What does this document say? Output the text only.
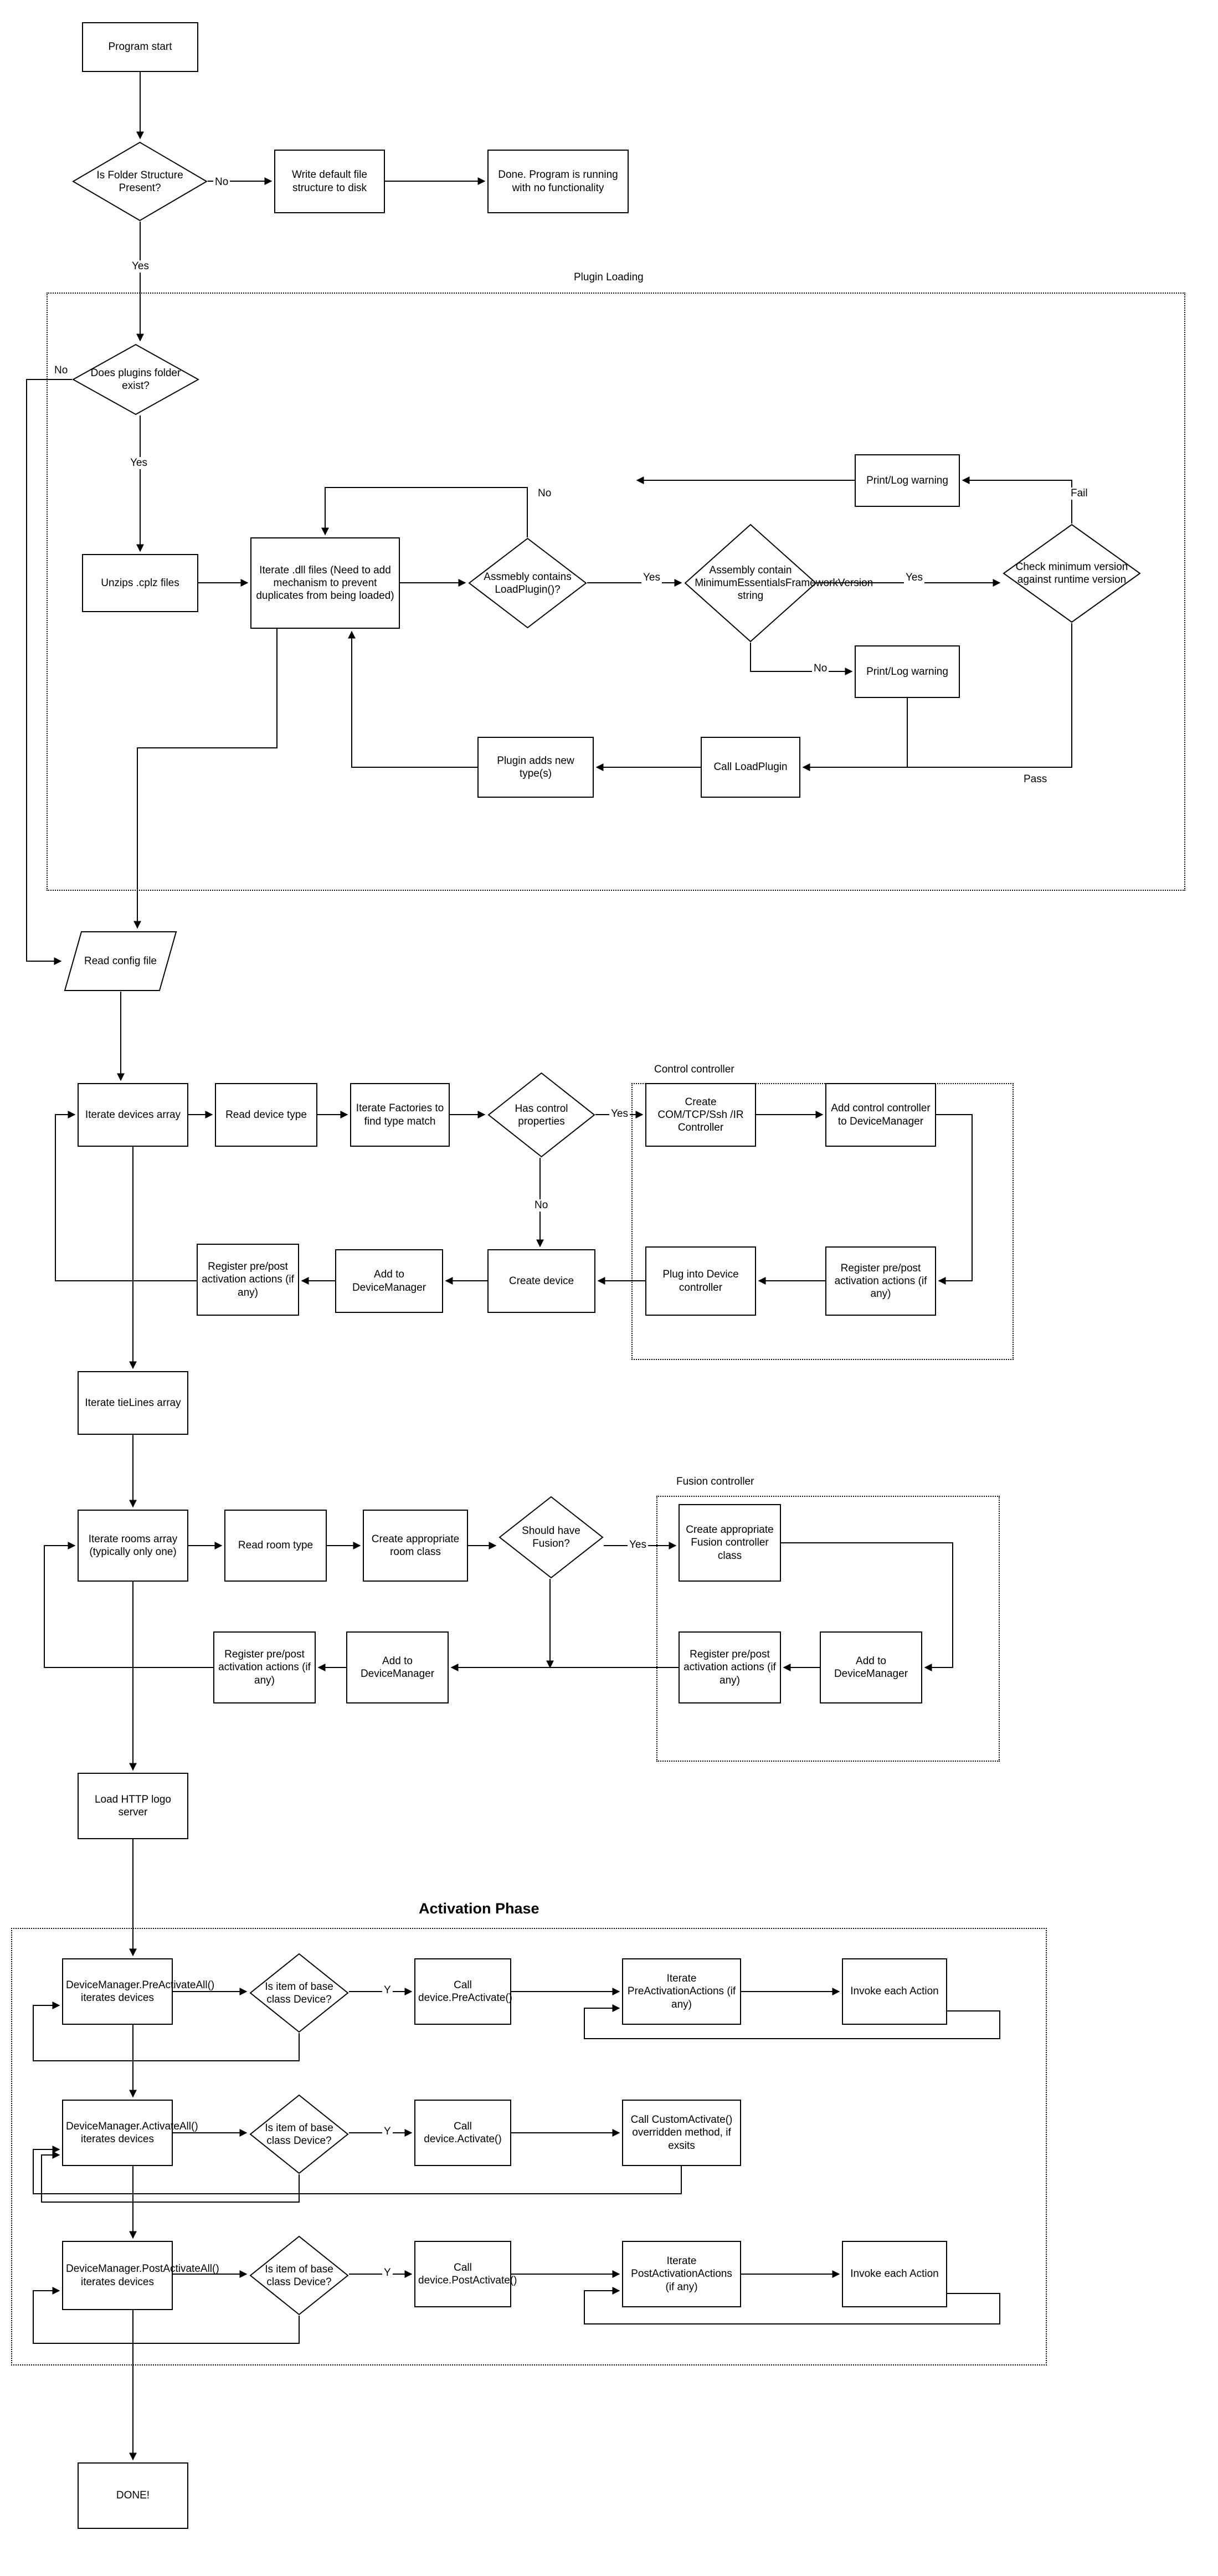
Plugin Loading
Control controller
Fusion controller
Activation Phase
Program start
Is Folder Structure Present?
Write default file structure to disk
Done. Program is running with no functionality
Does plugins folder exist?
Unzips .cplz files
Iterate .dll files (Need to add mechanism to prevent duplicates from being loaded)
Assmebly contains LoadPlugin()?
Assembly contain MinimumEssentialsFrameworkVersion string
Check minimum version against runtime version
Print/Log warning
Print/Log warning
Plugin adds new type(s)
Call LoadPlugin
Read config file
Iterate devices array	Read device type
Iterate Factories to find type match
Has control properties
Create COM/TCP/Ssh /IR Controller
Add control controller to DeviceManager
Register pre/post activation actions (if any)
Plug into Device controller
Create device
Add to DeviceManager
Register pre/post activation actions (if any)
Iterate tieLines array
Iterate rooms array (typically only one)
Read room type
Create appropriate room class
Should have Fusion?
Create appropriate Fusion controller class
Register pre/post activation actions (if any)
Add to DeviceManager
Add to DeviceManager
Register pre/post activation actions (if any)
Load HTTP logo server
DeviceManager.PreActivateAll() iterates devices
Is item of base class Device?
Call device.PreActivate()
Iterate PreActivationActions (if any)
Invoke each Action
DeviceManager.ActivateAll() iterates devices
Is item of base class Device?
Call device.Activate()
Call CustomActivate() overridden method, if exsits
DeviceManager.PostActivateAll() iterates devices
Is item of base class Device?
Call device.PostActivate()
Iterate PostActivationActions (if any)
Invoke each Action
DONE!
No
Yes
No
Yes
No
Yes	Yes
No
Fail
Pass
Yes
No
Yes
Y
Y
Y
